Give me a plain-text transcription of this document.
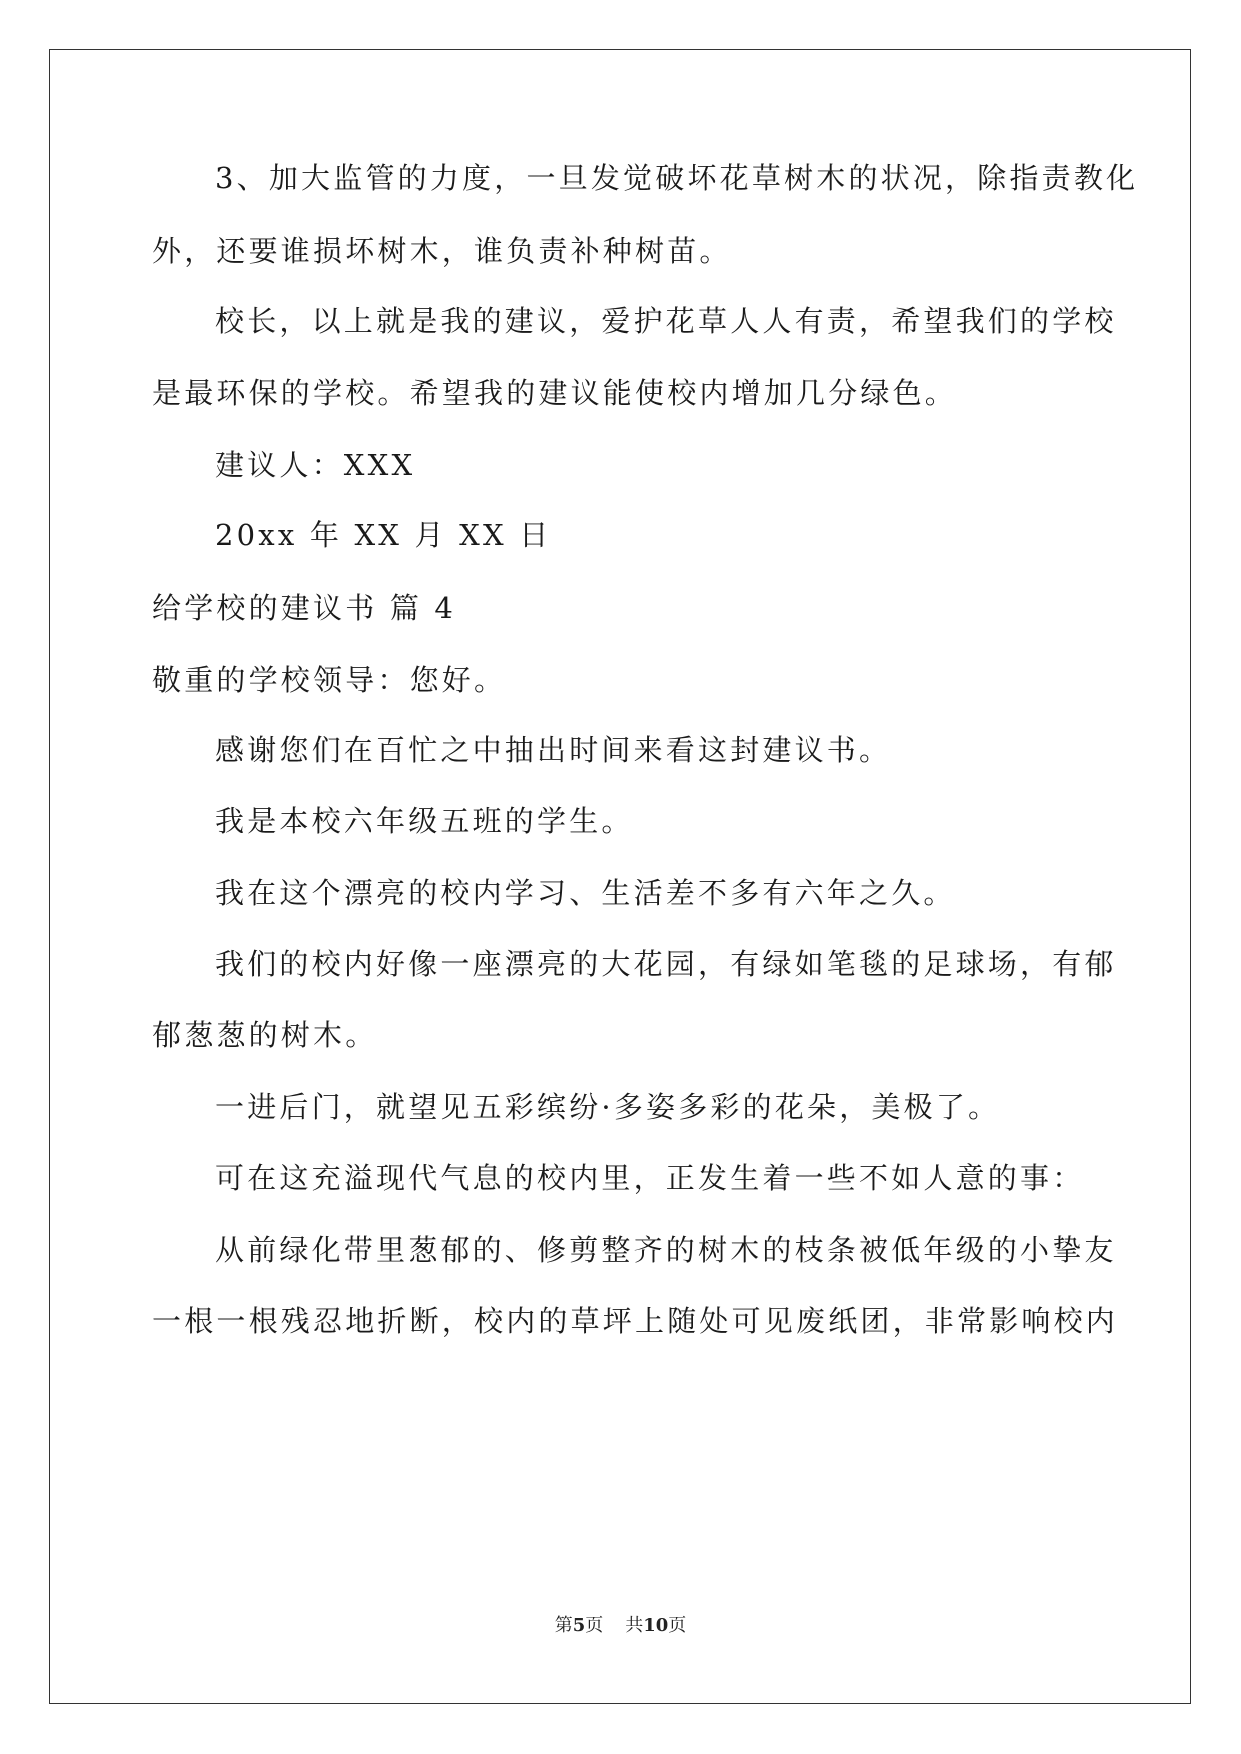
3、加大监管的力度，一旦发觉破坏花草树木的状况，除指责教化
外，还要谁损坏树木，谁负责补种树苗。
校长，以上就是我的建议，爱护花草人人有责，希望我们的学校
是最环保的学校。希望我的建议能使校内增加几分绿色。
建议人：XXX
20xx 年 XX 月 XX 日
给学校的建议书 篇 4
敬重的学校领导：您好。
感谢您们在百忙之中抽出时间来看这封建议书。
我是本校六年级五班的学生。
我在这个漂亮的校内学习、生活差不多有六年之久。
我们的校内好像一座漂亮的大花园，有绿如笔毯的足球场，有郁
郁葱葱的树木。
一进后门，就望见五彩缤纷·多姿多彩的花朵，美极了。
可在这充溢现代气息的校内里，正发生着一些不如人意的事：
从前绿化带里葱郁的、修剪整齐的树木的枝条被低年级的小挚友
一根一根残忍地折断，校内的草坪上随处可见废纸团，非常影响校内
第5页 共10页
